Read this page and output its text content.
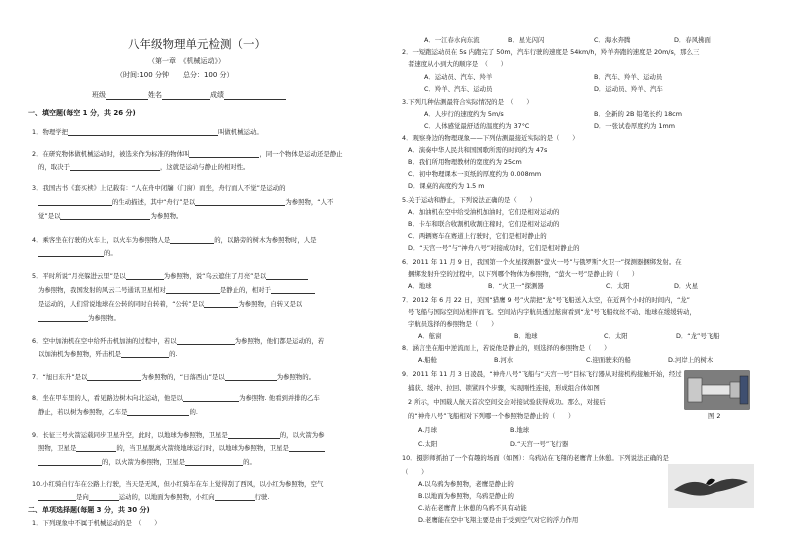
八年级物理单元检测（一）
（第一章　《机械运动》）
（时间:100 分钟　　总分：100 分）
班级	姓名	成绩
一、填空题(每空 1 分，共 26 分)
1．物理学把	叫做机械运动。
2．在研究物体做机械运动时，被选来作为标准的物体叫	，同一个物体是运动还是静止
的，取决于	，这就是运动与静止的相对性。
3．我国古书《套买椟》上记载有：“人在舟中闭牖（门窗）而坐，舟行而人不觉”是运动的
的生动描述，其中“舟行”是以	为参照物，“人不
觉”是以	为参照物。
4．乘客坐在行驶的火车上，以火车为参照物人是	的，以路旁的树木为参照物时，人是
的。
5．平时所说“月亮躲进云里”是以	为参照物，说“乌云遮住了月亮”是以
为参照物，我国发射的风云二号通讯卫星相对	是静止的，相对于
是运动的，人们常说地球在公转的同时自转着，“公转”是以	为参照物，自转又是以
为参照物。
6．空中加油机在空中给歼击机加油的过程中，若以	为参照物，他们都是运动的，若
以加油机为参照物，歼击机是	的.
7．“旭日东升”是以	为参照物的，“日落西山”是以	为参照物的。
8．坐在甲车里的人，看见路边树木向北运动，他是以	为参照物. 他看到并排的乙车
静止，若以树为参照物，乙车是	的.
9．长征三号火箭运载同步卫星升空，此时，以地球为参照物，卫星是	的，以火箭为参
照物，卫星是	的，当卫星脱离火箭绕地球运行时，以地球为参照物，卫星是
的，以火箭为参照物，卫星是	的。
10.小红骑自行车在公路上行驶，当天是无风，但小红骑车在车上觉得刮了西风，以小红为参照物，空气
是向	运动的，以地面为参照物，小红向	行驶.
二、单项选择题(每题 3 分，共 30 分)
1．下列现象中不属于机械运动的是　（　　）
A．一江春水向东流	B．星光闪闪	C．海水奔腾	D．春风拂面
2．一短跑运动员在 5s 内跑完了 50m，汽车行驶的速度是 54km/h，羚羊奔跑的速度是 20m/s，那么三
者速度从小到大的顺序是　（　　）
A．运动员、汽车、羚羊	B．汽车、羚羊、运动员
C．羚羊、汽车、运动员	D．运动员、羚羊、汽车
3.下列几种估测最符合实际情况的是　（　　）
A．人步行的速度约为 5m/s	B．全新的 2B 铅笔长约 18cm
C．人体感觉最舒适的温度约为 37°C	D．一张试卷厚度约为 1mm
4．观察身边的物理现象——下列估测最接近实际的是（　　）
A．演奏中华人民共和国国歌所需的时间约为 47s
B．我们所用物理教材的宽度约为 25cm
C．初中物理课本一页纸的厚度约为 0.008mm
D．课桌的高度约为 1.5 m
5.关于运动和静止，下列说法正确的是（　　）
A．加油机在空中给受油机加油时，它们是相对运动的
B．卡车和联合收割机收割庄稼时，它们是相对运动的
C．两辆赛车在赛道上行驶时，它们是相对静止的
D．“天宫一号”与“神舟八号”对接成功时，它们是相对静止的
6．2011 年 11 月 9 日，我国第一个火星探测器“萤火一号”与俄罗斯“火卫一”探测器捆绑发射。在
捆绑发射升空的过程中，以下列哪个物体为参照物，“萤火一号”是静止的（　　）
A．地球	B．“火卫一”探测器	C．太阳	D．火星
7．2012 年 6 月 22 日，美国“猎鹰 9 号”火箭把“龙”号飞船送入太空，在近两个小时的时间内，“龙”
号飞船与国际空间站相伴而飞。空间站内宇航员透过舷窗看到“龙”号飞船纹丝不动、地球在缓缓转动，
宇航员选择的参照物是（　　）
A．舷窗	B．地球	C．太阳	D．“龙”号飞船
8．涵言坐在船中逆流而上，若说他是静止的，则选择的参照物是（　　）
A.船舱	B.河水	C.迎面驶来的船	D.河岸上的树木
9．2011 年 11 月 3 日凌晨，“神舟八号”飞船与“天宫一号”目标飞行器从对接机构接触开始，经过
捕获、缓冲、拉回、锁紧四个步骤，实现刚性连接，形成组合体如图
2 所示，中国载人航天首次空间交会对接试验获得成功。那么，对接后
的“神舟八号”飞船相对下列哪一个参照物是静止的（　　）
A.月球	B.地球
C.太阳	D.“天宫一号”飞行器
图 2
10．摄影师抓拍了一个有趣的场面（如图）：乌鸦站在飞翔的老鹰背上休憩。下列说法正确的是
（　　）
A.以乌鸦为参照物，老鹰是静止的
B.以地面为参照物，乌鸦是静止的
C.站在老鹰背上休憩的乌鸦不具有动能
D.老鹰能在空中飞翔主要是由于受到空气对它的浮力作用
